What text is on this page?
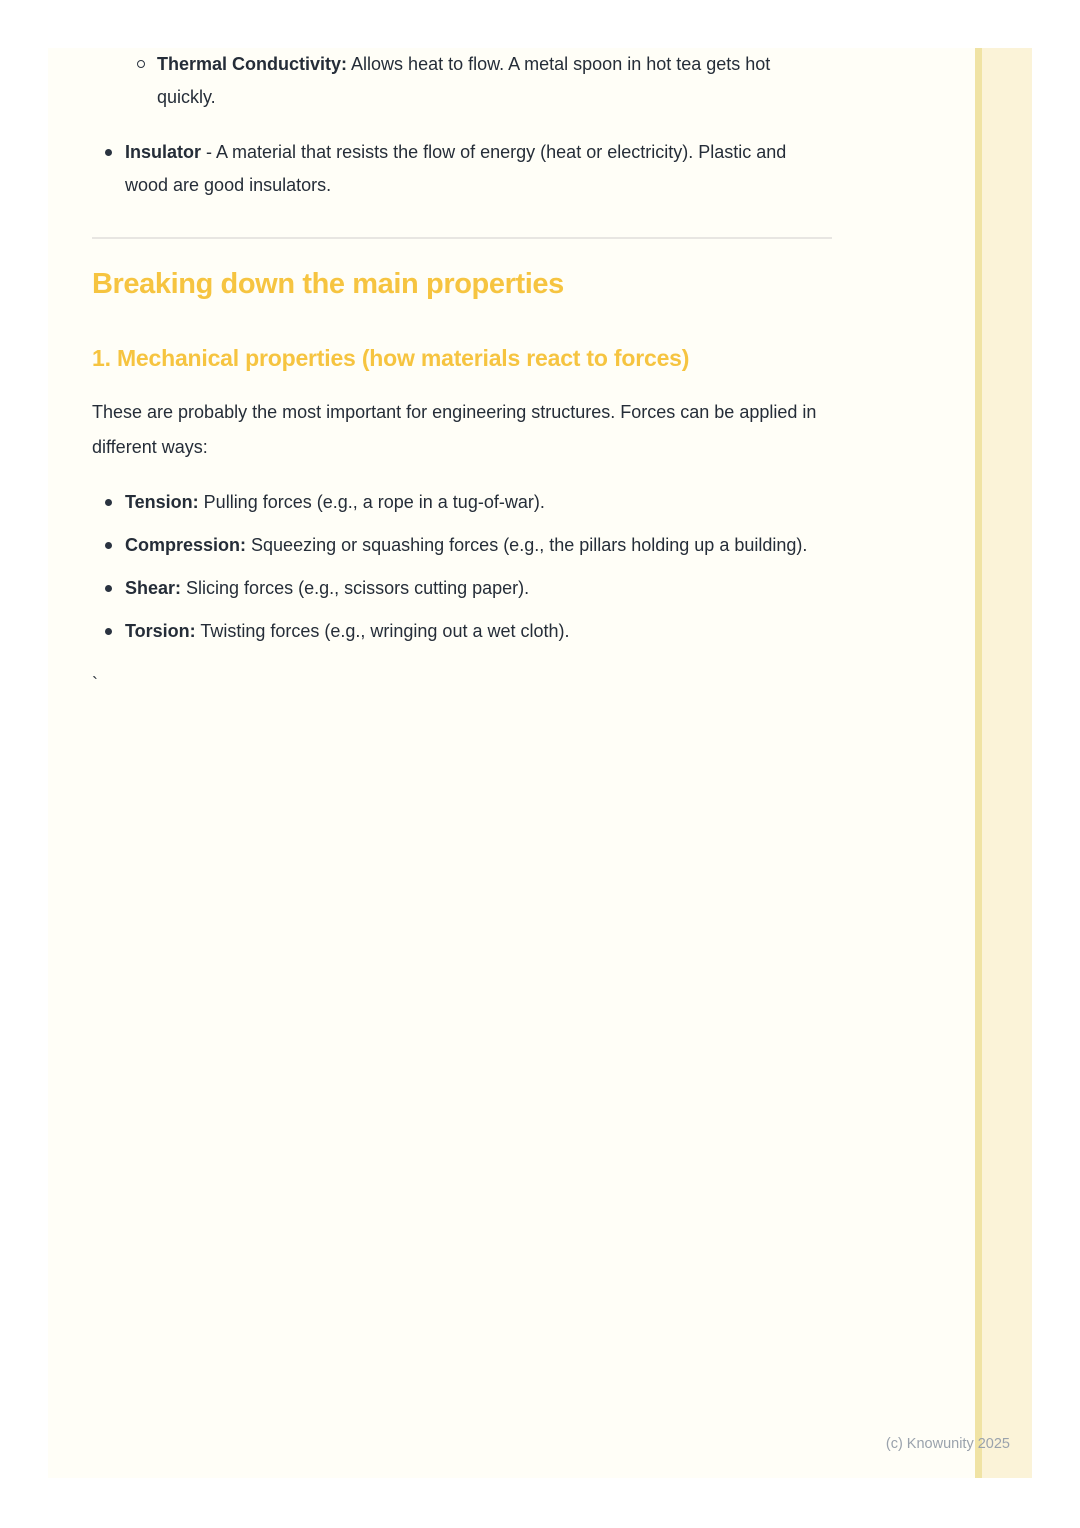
Thermal Conductivity: Allows heat to flow. A metal spoon in hot tea gets hot quickly.
Insulator - A material that resists the flow of energy (heat or electricity). Plastic and wood are good insulators.
Breaking down the main properties
1. Mechanical properties (how materials react to forces)

These are probably the most important for engineering structures. Forces can be applied in different ways:

Tension: Pulling forces (e.g., a rope in a tug-of-war).
Compression: Squeezing or squashing forces (e.g., the pillars holding up a building).
Shear: Slicing forces (e.g., scissors cutting paper).
Torsion: Twisting forces (e.g., wringing out a wet cloth).

`

(c) Knowunity 2025
